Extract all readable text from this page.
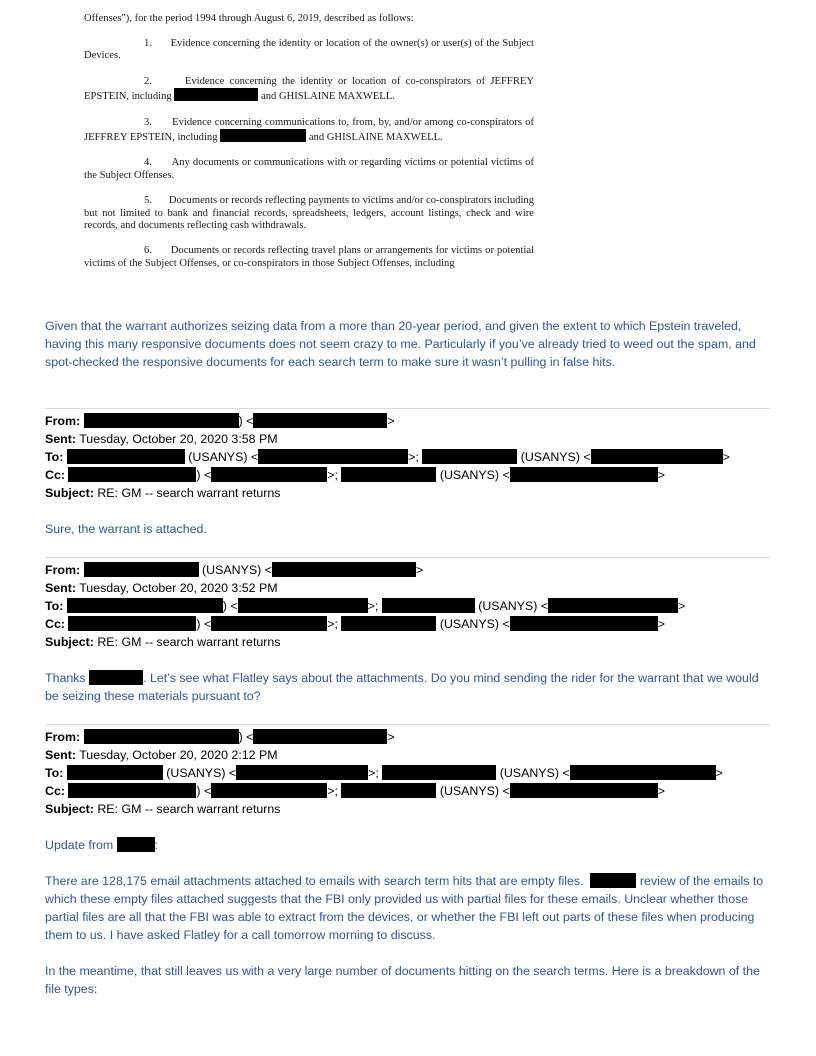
Offenses"), for the period 1994 through August 6, 2019, described as follows:

1. Evidence concerning the identity or location of the owner(s) or user(s) of the Subject Devices.

2.	Evidence concerning the identity or location of co-conspirators of JEFFREY EPSTEIN, including	and GHISLAINE MAXWELL.

3. Evidence concerning communications to, from, by, and/or among co-conspirators of JEFFREY EPSTEIN, including	and GHISLAINE MAXWELL.

4. Any documents or communications with or regarding victims or potential victims of the Subject Offenses.

5. Documents or records reflecting payments to victims and/or co-conspirators including but not limited to bank and financial records, spreadsheets, ledgers, account listings, check and wire records, and documents reflecting cash withdrawals.

6. Documents or records reflecting travel plans or arrangements for victims or potential victims of the Subject Offenses, or co-conspirators in those Subject Offenses, including

Given that the warrant authorizes seizing data from a more than 20-year period, and given the extent to which Epstein traveled, having this many responsive documents does not seem crazy to me. Particularly if you’ve already tried to weed out the spam, and spot-checked the responsive documents for each search term to make sure it wasn’t pulling in false hits.
From:	) <	>
Sent: Tuesday, October 20, 2020 3:58 PM
To:	(USANYS) <	>;	(USANYS) <	>
Cc:	) <	>;	(USANYS) <	>
Subject: RE: GM -- search warrant returns
Sure, the warrant is attached.
From:	(USANYS) <	>
Sent: Tuesday, October 20, 2020 3:52 PM
To:	) <	>;	(USANYS) <	>
Cc:	) <	>;	(USANYS) <	>
Subject: RE: GM -- search warrant returns
Thanks	. Let’s see what Flatley says about the attachments. Do you mind sending the rider for the warrant that we would be seizing these materials pursuant to?
From:	) <	>
Sent: Tuesday, October 20, 2020 2:12 PM
To:	(USANYS) <	>;	(USANYS) <	>
Cc:	) <	>;	(USANYS) <	>
Subject: RE: GM -- search warrant returns
Update from	:
There are 128,175 email attachments attached to emails with search term hits that are empty files.	review of the emails to which these empty files attached suggests that the FBI only provided us with partial files for these emails. Unclear whether those partial files are all that the FBI was able to extract from the devices, or whether the FBI left out parts of these files when producing them to us. I have asked Flatley for a call tomorrow morning to discuss.
In the meantime, that still leaves us with a very large number of documents hitting on the search terms. Here is a breakdown of the file types:
